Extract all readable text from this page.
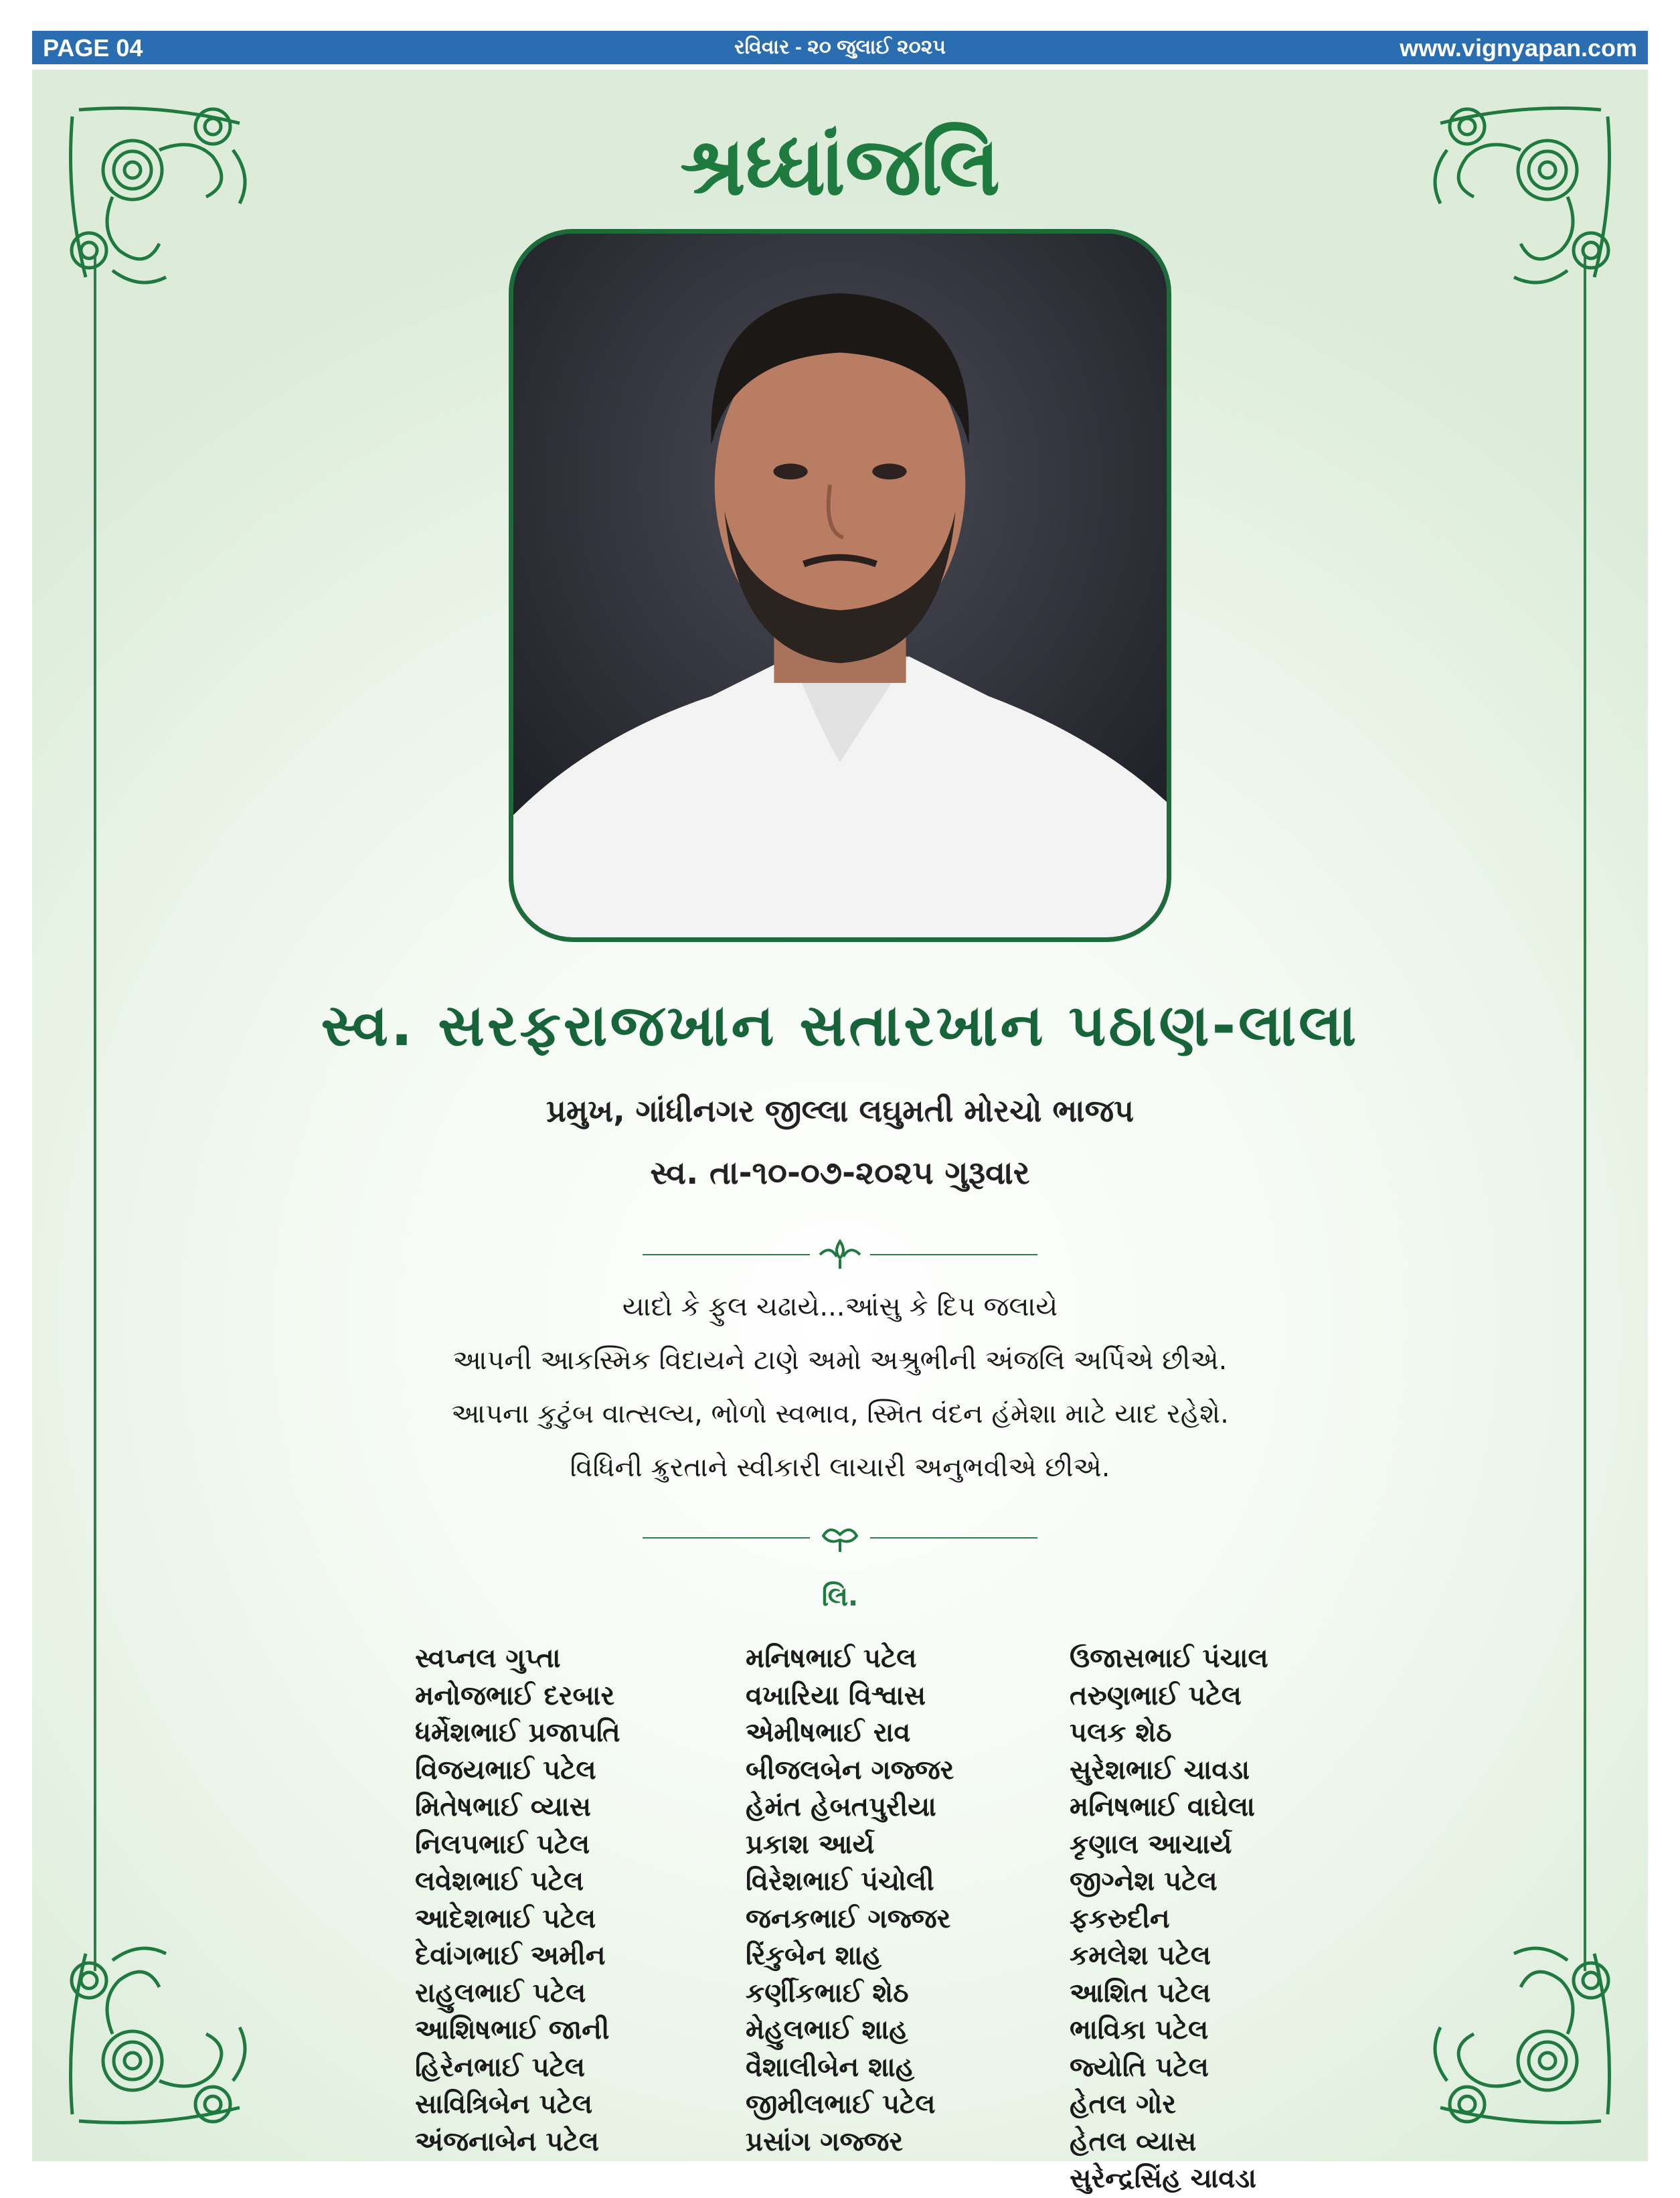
રવિવાર - ૨૦ જુલાઈ ૨૦૨૫
PAGE 04	www.vignyapan.com
શ્રધ્ધાંજલિ
સ્વ. સરફરાજખાન સતારખાન પઠાણ-લાલા
પ્રમુખ, ગાંધીનગર જીલ્લા લઘુમતી મોરચો ભાજપ
સ્વ. તા-૧૦-૦૭-૨૦૨૫ ગુરૂવાર
યાદો કે ફુલ ચઢાયે...આંસુ કે દિપ જલાયે
આપની આકસ્મિક વિદાયને ટાણે અમો અશ્રુભીની અંજલિ અર્પિએ છીએ.
આપના કુટુંબ વાત્સલ્ય, ભોળો સ્વભાવ, સ્મિત વંદન હંમેશા માટે યાદ રહેશે.
વિધિની ક્રુરતાને સ્વીકારી લાચારી અનુભવીએ છીએ.
લિ.
સ્વપ્નલ ગુપ્તા
મનોજભાઈ દરબાર
ધર્મેશભાઈ પ્રજાપતિ
વિજયભાઈ પટેલ
મિતેષભાઈ વ્યાસ
નિલપભાઈ પટેલ
લવેશભાઈ પટેલ
આદેશભાઈ પટેલ
દેવાંગભાઈ અમીન
રાહુલભાઈ પટેલ
આશિષભાઈ જાની
હિરેનભાઈ પટેલ
સાવિત્રિબેન પટેલ
અંજનાબેન પટેલ
મનિષભાઈ પટેલ
વખારિયા વિશ્વાસ
એમીષભાઈ રાવ
બીજલબેન ગજ્જર
હેમંત હેબતપુરીયા
પ્રકાશ આર્ય
વિરેશભાઈ પંચોલી
જનકભાઈ ગજ્જર
રિંકુબેન શાહ
કર્ણીકભાઈ શેઠ
મેહુલભાઈ શાહ
વૈશાલીબેન શાહ
જીમીલભાઈ પટેલ
પ્રસાંગ ગજ્જર
ઉજાસભાઈ પંચાલ
તરુણભાઈ પટેલ
પલક શેઠ
સુરેશભાઈ ચાવડા
મનિષભાઈ વાઘેલા
કૃણાલ આચાર્ય
જીગ્નેશ પટેલ
ફકરુદીન
કમલેશ પટેલ
આશિત પટેલ
ભાવિકા પટેલ
જ્યોતિ પટેલ
હેતલ ગોર
હેતલ વ્યાસ
સુરેન્દ્રસિંહ ચાવડા
